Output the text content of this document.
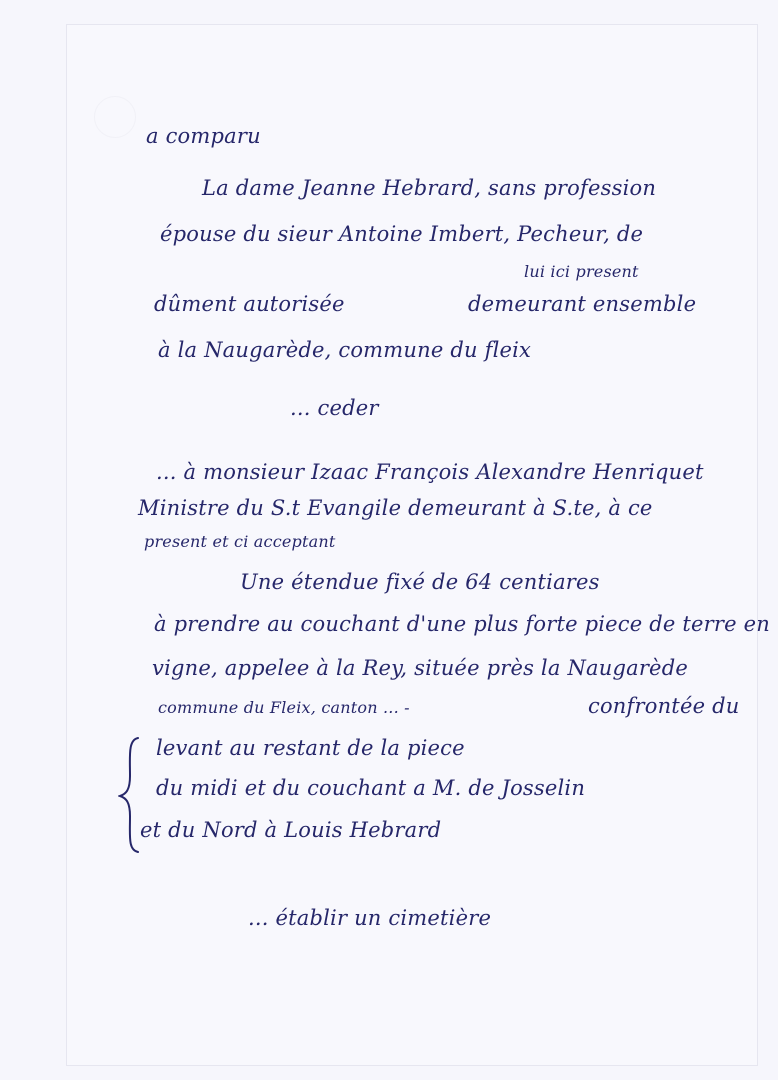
a comparu
La dame Jeanne Hebrard, sans profession
épouse du sieur Antoine Imbert, Pecheur, de
lui ici present
dûment autorisée	demeurant ensemble
à la Naugarède, commune du fleix
... ceder
... à monsieur Izaac François Alexandre Henriquet
Ministre du S.t Evangile demeurant à S.te, à ce
present et ci acceptant
Une étendue fixé de 64 centiares
à prendre au couchant d'une plus forte piece de terre en
vigne, appelee à la Rey, située près la Naugarède
commune du Fleix, canton ... -	confrontée du
levant au restant de la piece
du midi et du couchant a M. de Josselin
et du Nord à Louis Hebrard
... établir un cimetière
